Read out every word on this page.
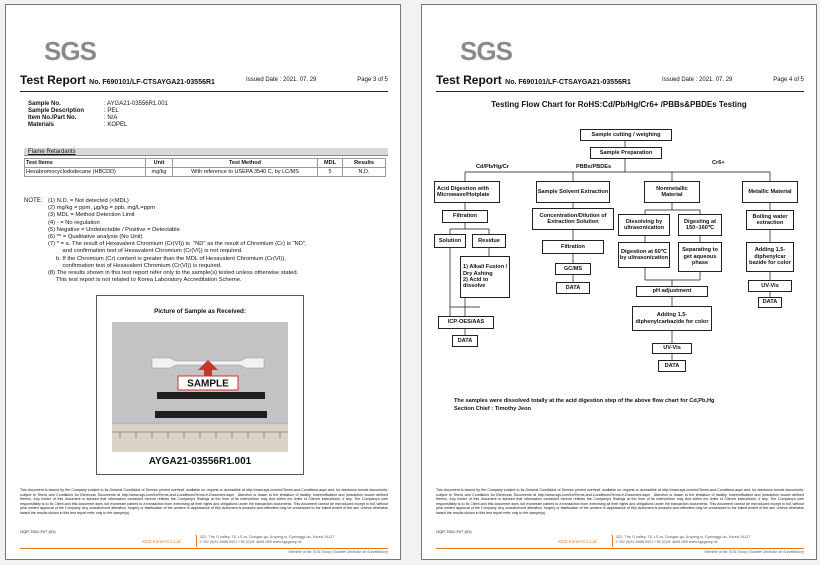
SGS
Test Report No. F690101/LF-CTSAYGA21-03556R1	Issued Date : 2021. 07. 29	Page 3 of 5
Sample No.	: AYGA21-03556R1.001
Sample Description	: PEL
Item No./Part No.	: N/A
Materials	: KOPEL
Flame Retardants
Test Items	Unit	Test Method	MDL	Results
Hexabromocyclododecane (HBCDD)	mg/kg	With reference to USEPA 3540 C, by LC/MS	5	N.D.
NOTE: (1) N.D. = Not detected (<MDL)
(2) mg/kg = ppm, μg/kg = ppb, mg/L=ppm
(3) MDL = Method Detection Limit
(4) - = No regulation
(5) Negative = Undetectable / Positive = Detectable
(6) ** = Qualitative analysis (No Unit)
(7) * = a. The result of Hexavalent Chromium (Cr(VI)) is  "ND" as the result of Chromium (Cr) is "ND",
and confirmation test of Hexavalent Chromium (Cr(VI)) is not required.
b. If the Chromium (Cr) content is greater than the MDL of Hexavalent Chromium (Cr(VI)),
confirmation test of Hexavalent Chromium (Cr(VI)) is required.
(8) The results shown in this test report refer only to the sample(s) tested unless otherwise stated.
This test report is not related to Korea Laboratory Accreditation Scheme.
Picture of Sample as Received:
SAMPLE
AYGA21-03556R1.001
This document is issued by the Company subject to its General Conditions of Service printed overleaf, available on request or accessible at http://www.sgs.com/en/Terms-and-Conditions.aspx and, for electronic format documents, subject to Terms and Conditions for Electronic Documents at http://www.sgs.com/en/Terms-and-Conditions/Terms-e-Document.aspx . Attention is drawn to the limitation of liability, indemnification and jurisdiction issues defined therein. Any holder of this document is advised that information contained hereon reflects the Company's findings at the time of its intervention only and within the limits of Client's instructions, if any. The Company's sole responsibility is to its Client and this document does not exonerate parties to a transaction from exercising all their rights and obligations under the transaction documents. This document cannot be reproduced except in full, without prior written approval of the Company. Any unauthorized alteration, forgery or falsification of the content or appearance of this document is unlawful and offenders may be prosecuted to the fullest extent of the law. Unless otherwise stated the results shown in this test report refer only to the sample(s).
OQP-7001-F07 (01)
SGS Korea Co.,Ltd.
322, The O valley, 76, LS-ro, Dongan-gu, Anyang-si, Gyeonggi-do, Korea 14117
t +82 (0)31 4608 000 f +82 (0)31 4608 059 www.sgsgroup.kr
Member of the SGS Group (Société Générale de Surveillance)
SGS
Test Report No. F690101/LF-CTSAYGA21-03556R1	Issued Date : 2021. 07. 29	Page 4 of 5
Testing Flow Chart for RoHS:Cd/Pb/Hg/Cr6+ /PBBs&PBDEs Testing
Sample cutting / weighing
Sample Preparation
Cd/Pb/Hg/Cr	PBBs/PBDEs
Cr6+
Acid Digestion with Microwave/Hotplate
Sample Solvent Extraction
Nonmetallic Material
Metallic Material
Filtration	Concentration/Dilution of Extraction Solution	Dissolving by ultrasonication
Digesting at 150~160℃
Boiling water extraction
Solution	Residue
Filtration
Digestion at 60℃ by ultrasonication
Separating to get aqueous phase
Adding 1,5-diphenylcar bazide for color
1) Alkali Fusion / Dry Ashing
2) Acid to dissolve
GC/MS
UV-Vis
DATA
pH adjustment
DATA
Adding 1,5-diphenylcarbazide for color
ICP-OES/AAS
DATA
UV-Vis
DATA
The samples were dissolved totally at the acid digestion step of the above flow chart for Cd,Pb,Hg
Section Chief : Timothy Jeon
This document is issued by the Company subject to its General Conditions of Service printed overleaf, available on request or accessible at http://www.sgs.com/en/Terms-and-Conditions.aspx and, for electronic format documents, subject to Terms and Conditions for Electronic Documents at http://www.sgs.com/en/Terms-and-Conditions/Terms-e-Document.aspx . Attention is drawn to the limitation of liability, indemnification and jurisdiction issues defined therein. Any holder of this document is advised that information contained hereon reflects the Company's findings at the time of its intervention only and within the limits of Client's instructions, if any. The Company's sole responsibility is to its Client and this document does not exonerate parties to a transaction from exercising all their rights and obligations under the transaction documents. This document cannot be reproduced except in full, without prior written approval of the Company. Any unauthorized alteration, forgery or falsification of the content or appearance of this document is unlawful and offenders may be prosecuted to the fullest extent of the law. Unless otherwise stated the results shown in this test report refer only to the sample(s).
OQP-7001-F07 (01)
SGS Korea Co.,Ltd.
322, The O valley, 76, LS-ro, Dongan-gu, Anyang-si, Gyeonggi-do, Korea 14117
t +82 (0)31 4608 000 f +82 (0)31 4608 059 www.sgsgroup.kr
Member of the SGS Group (Société Générale de Surveillance)
